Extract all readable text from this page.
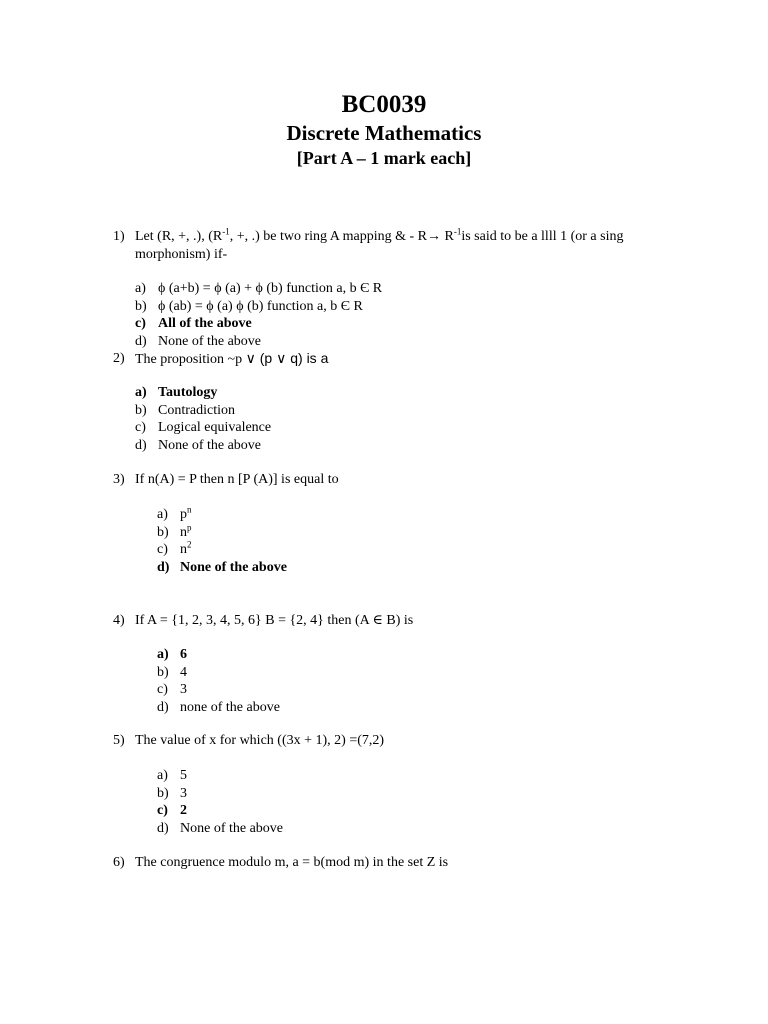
BC0039
Discrete Mathematics
[Part A – 1 mark each]
1) Let (R, +, .), ($R^{-1}$, +, .) be two ring A mapping & - $R\to R^{-1}is$ said to be a llll 1 (or a sing morphonism) if-
a) ϕ (a+b) = ϕ (a) + ϕ (b) function a, b Є R
b) ϕ (ab) = ϕ (a) ϕ (b) function a, b Є R
c) All of the above
d) None of the above
2) The proposition ~p ∨ (p ∨ q) is a
a) Tautology
b) Contradiction
c) Logical equivalence
d) None of the above
3) If n(A) = P then n [P (A)] is equal to
a) $p^n$
b) $n^p$
c) $n^2$
d) None of the above
4) If A = {1, 2, 3, 4, 5, 6} B = {2, 4} then (A ∈ B) is
a) 6
b) 4
c) 3
d) none of the above
5) The value of x for which ((3x + 1), 2) =(7,2)
a) 5
b) 3
c) 2
d) None of the above
6) The congruence modulo m, a = b(mod m) in the set Z is
